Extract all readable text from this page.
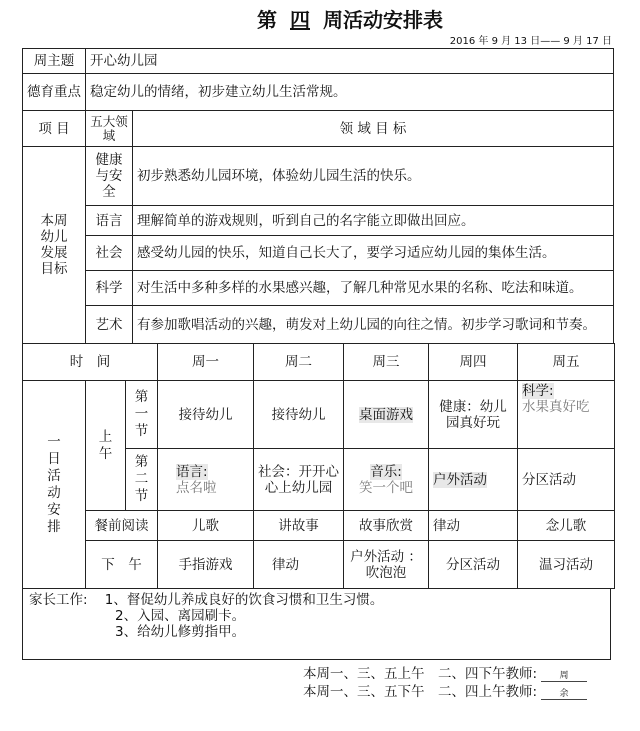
第 四 周活动安排表
2016 年 9 月 13 日—— 9 月 17 日
周主题	开心幼儿园	
德育重点	稳定幼儿的情绪，初步建立幼儿生活常规。	
项 目	五大领域	领 域 目 标
本周幼儿发展目标	健康与安全	初步熟悉幼儿园环境，体验幼儿园生活的快乐。
	语言	理解简单的游戏规则，听到自己的名字能立即做出回应。
	社会	感受幼儿园的快乐，知道自己长大了，要学习适应幼儿园的集体生活。
	科学	对生活中多种多样的水果感兴趣，了解几种常见水果的名称、吃法和味道。
	艺术	有参加歌唱活动的兴趣，萌发对上幼儿园的向往之情。初步学习歌词和节奏。
时　间			周一	周二	周三	周四	周五
一日活动安排	上午	第一节	接待幼儿	接待幼儿	桌面游戏	健康：幼儿园真好玩	科学:
水果真好吃
		第二节	语言:
点名啦	社会：开开心心上幼儿园	音乐:
笑一个吧	户外活动	分区活动
	餐前阅读		儿歌	讲故事	故事欣赏	律动	念儿歌
	下　午		手指游戏	律动	户外活动 ：吹泡泡	分区活动	温习活动
家长工作: 1、督促幼儿养成良好的饮食习惯和卫生习惯。
2、入园、离园刷卡。
3、给幼儿修剪指甲。
本周一、三、五上午　二、四下午教师: 周
本周一、三、五下午　二、四上午教师: 余
